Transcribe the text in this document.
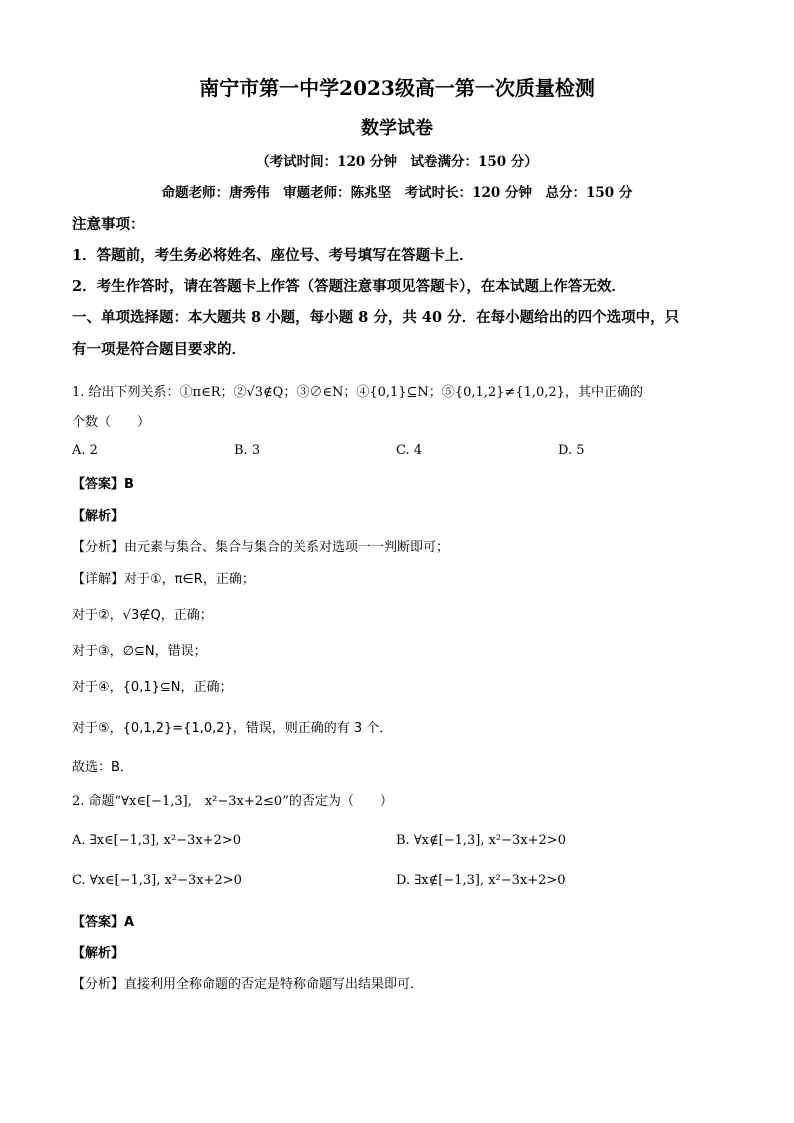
南宁市第一中学2023级高一第一次质量检测
数学试卷
（考试时间：120 分钟　试卷满分：150 分）
命题老师：唐秀伟　审题老师：陈兆坚　考试时长：120 分钟　总分：150 分
注意事项：
1．答题前，考生务必将姓名、座位号、考号填写在答题卡上．
2．考生作答时，请在答题卡上作答（答题注意事项见答题卡），在本试题上作答无效．
一、单项选择题：本大题共 8 小题，每小题 8 分，共 40 分．在每小题给出的四个选项中，只
有一项是符合题目要求的．
1. 给出下列关系：①π∈R；②√3∉Q；③∅∈N；④{0,1}⊆N；⑤{0,1,2}≠{1,0,2}，其中正确的
个数（　　）
A. 2	B. 3	C. 4	D. 5
【答案】B
【解析】
【分析】由元素与集合、集合与集合的关系对选项一一判断即可；
【详解】对于①，π∈R，正确；
对于②，√3∉Q，正确；
对于③，∅⊆N，错误；
对于④，{0,1}⊆N，正确；
对于⑤，{0,1,2}={1,0,2}，错误，则正确的有 3 个．
故选：B．
2. 命题“∀x∈[−1,3],　x²−3x+2≤0”的否定为（　　）
A. ∃x∈[−1,3], x²−3x+2>0	B. ∀x∉[−1,3], x²−3x+2>0
C. ∀x∈[−1,3], x²−3x+2>0	D. ∃x∉[−1,3], x²−3x+2>0
【答案】A
【解析】
【分析】直接利用全称命题的否定是特称命题写出结果即可．
